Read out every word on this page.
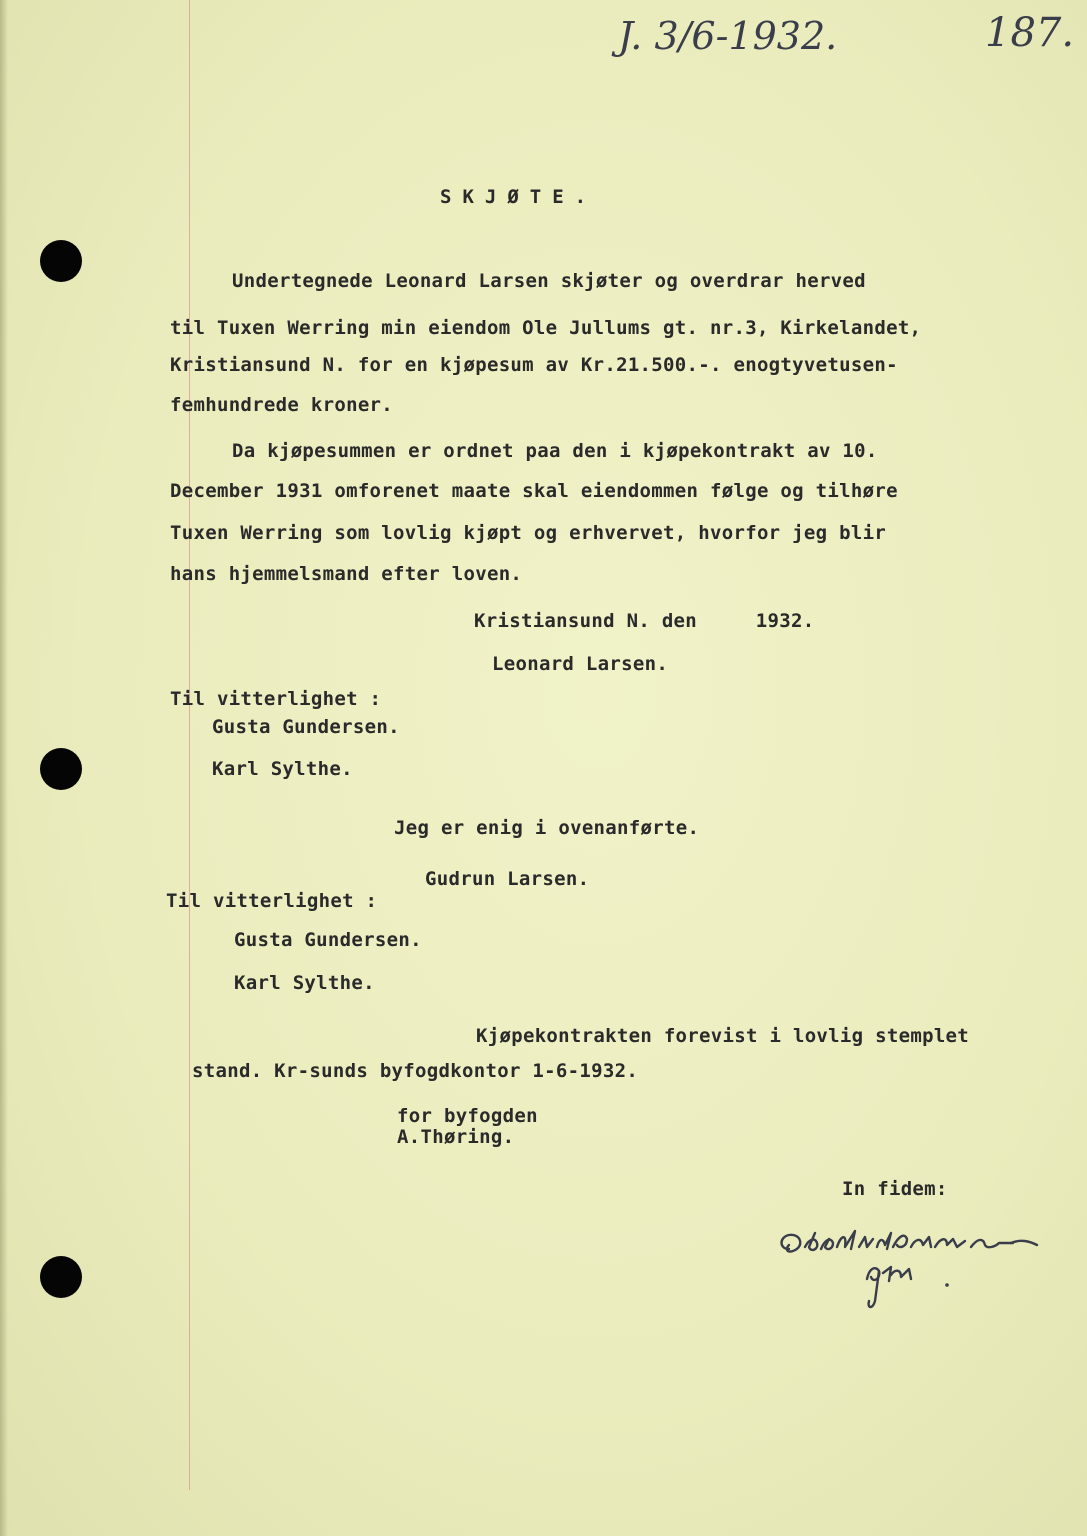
J. 3/6-1932.	187.
SKJØTE.
Undertegnede Leonard Larsen skjøter og overdrar herved
til Tuxen Werring min eiendom Ole Jullums gt. nr.3, Kirkelandet,
Kristiansund N. for en kjøpesum av Kr.21.500.-. enogtyvetusen-
femhundrede kroner.
Da kjøpesummen er ordnet paa den i kjøpekontrakt av 10.
December 1931 omforenet maate skal eiendommen følge og tilhøre
Tuxen Werring som lovlig kjøpt og erhvervet, hvorfor jeg blir
hans hjemmelsmand efter loven.
Kristiansund N. den     1932.
Leonard Larsen.
Til vitterlighet :
Gusta Gundersen.
Karl Sylthe.
Jeg er enig i ovenanførte.
Gudrun Larsen.
Til vitterlighet :
Gusta Gundersen.
Karl Sylthe.
Kjøpekontrakten forevist i lovlig stemplet
stand. Kr-sunds byfogdkontor 1-6-1932.
for byfogden
A.Thøring.
In fidem:
Odd Henriksen, dfm.
